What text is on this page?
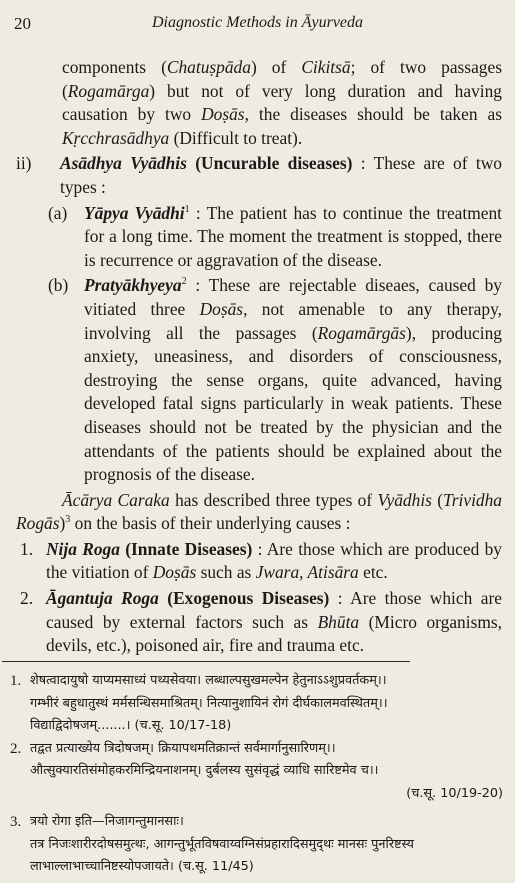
20	Diagnostic Methods in Āyurveda

components (Chatuṣpāda) of Cikitsā; of two passages (Rogamārga) but not of very long duration and having causation by two Doṣās, the diseases should be taken as Kṛcchrasādhya (Difficult to treat).

ii)	Asādhya Vyādhis (Uncurable diseases) : These are of two types :
(a) Yāpya Vyādhi$^1$ : The patient has to continue the treatment for a long time. The moment the treatment is stopped, there is recurrence or aggravation of the disease.
(b) Pratyākhyeya$^2$ : These are rejectable diseaes, caused by vitiated three Doṣās, not amenable to any therapy, involving all the passages (Rogamārgās), producing anxiety, uneasiness, and disorders of consciousness, destroying the sense organs, quite advanced, having developed fatal signs particularly in weak patients. These diseases should not be treated by the physician and the attendants of the patients should be explained about the prognosis of the disease.

Ācārya Caraka has described three types of Vyādhis (Trividha Rogās)$^3$ on the basis of their underlying causes :

1. Nija Roga (Innate Diseases) : Are those which are produced by the vitiation of Doṣās such as Jwara, Atisāra etc.
2. Āgantuja Roga (Exogenous Diseases) : Are those which are caused by external factors such as Bhūta (Micro organisms, devils, etc.), poisoned air, fire and trauma etc.
1. शेषत्वादायुषो याप्यमसाध्यं पथ्यसेवया। लब्धाल्पसुखमल्पेन हेतुनाऽऽशुप्रवर्तकम्।।
गम्भीरं बहुधातुस्थं मर्मसन्धिसमाश्रितम्। नित्यानुशायिनं रोगं दीर्घकालमवस्थितम्।।
विद्याद्विदोषजम्.......। (च.सू. 10/17-18)
2. तद्वत प्रत्याख्येय त्रिदोषजम्। क्रियापथमतिक्रान्तं सर्वमार्गानुसारिणम्।।
औत्सुक्यारतिसंमोहकरमिन्द्रियनाशनम्। दुर्बलस्य सुसंवृद्धं व्याधि सारिष्टमेव च।।
(च.सू. 10/19-20)
3. त्रयो रोगा इति—निजागन्तुमानसाः।
तत्र निजःशारीरदोषसमुत्थः, आगन्तुर्भूतविषवाय्वग्निसंप्रहारादिसमुद्थः मानसः पुनरिष्टस्य
लाभाल्लाभाच्चानिष्टस्योपजायते। (च.सू. 11/45)
